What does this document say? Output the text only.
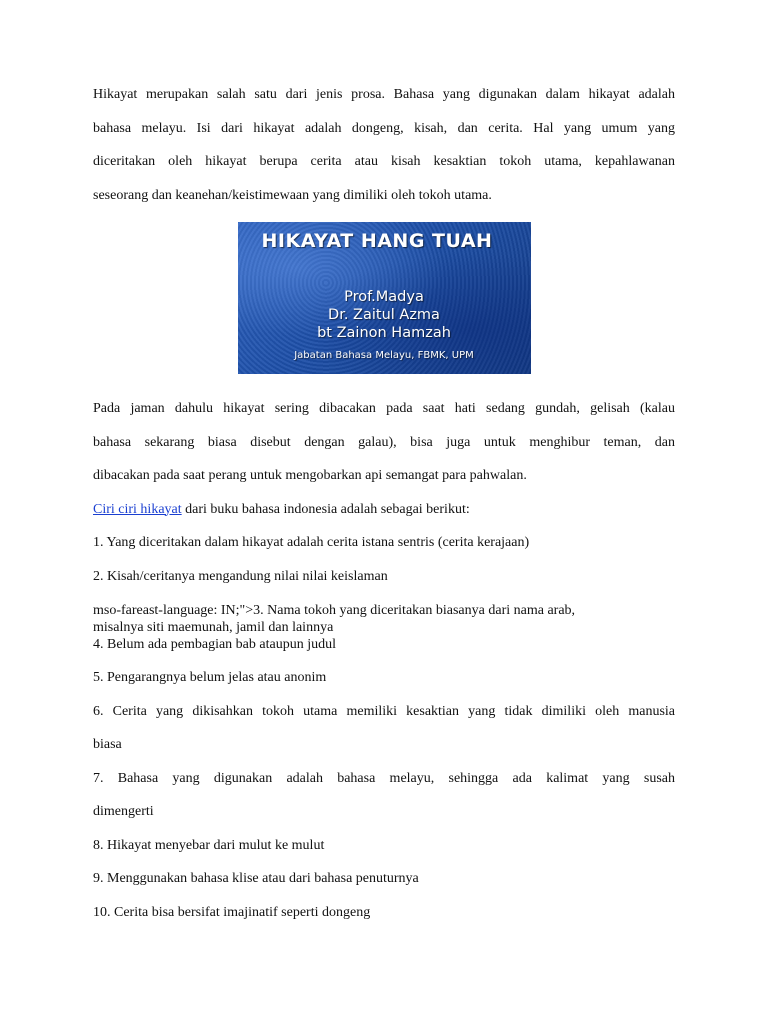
Hikayat merupakan salah satu dari jenis prosa. Bahasa yang digunakan dalam hikayat adalah

bahasa melayu. Isi dari hikayat adalah dongeng, kisah, dan cerita. Hal yang umum yang

diceritakan oleh hikayat berupa cerita atau kisah kesaktian tokoh utama, kepahlawanan

seseorang dan keanehan/keistimewaan yang dimiliki oleh tokoh utama.

HIKAYAT HANG TUAH
Prof.Madya
Dr. Zaitul Azma
bt Zainon Hamzah
Jabatan Bahasa Melayu, FBMK, UPM

Pada jaman dahulu hikayat sering dibacakan pada saat hati sedang gundah, gelisah (kalau

bahasa sekarang biasa disebut dengan galau), bisa juga untuk menghibur teman, dan

dibacakan pada saat perang untuk mengobarkan api semangat para pahwalan.

Ciri ciri hikayat dari buku bahasa indonesia adalah sebagai berikut:

1. Yang diceritakan dalam hikayat adalah cerita istana sentris (cerita kerajaan)

2. Kisah/ceritanya mengandung nilai nilai keislaman

mso-fareast-language: IN;">3. Nama tokoh yang diceritakan biasanya dari nama arab,

misalnya siti maemunah, jamil dan lainnya

4. Belum ada pembagian bab ataupun judul

5. Pengarangnya belum jelas atau anonim

6. Cerita yang dikisahkan tokoh utama memiliki kesaktian yang tidak dimiliki oleh manusia

biasa

7. Bahasa yang digunakan adalah bahasa melayu, sehingga ada kalimat yang susah

dimengerti

8. Hikayat menyebar dari mulut ke mulut

9. Menggunakan bahasa klise atau dari bahasa penuturnya

10. Cerita bisa bersifat imajinatif seperti dongeng
